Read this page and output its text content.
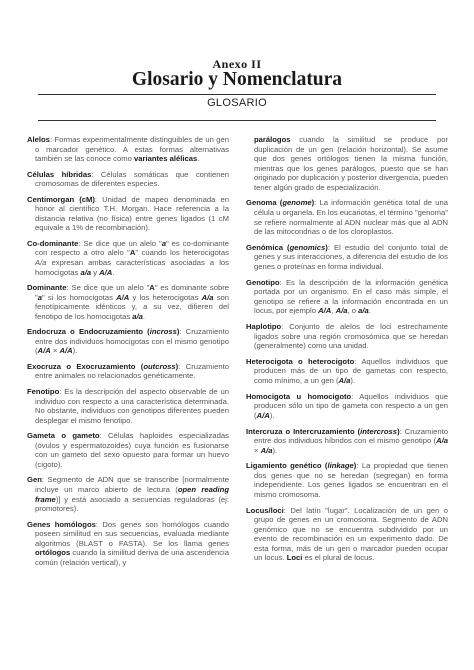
Anexo II
Glosario y Nomenclatura
GLOSARIO

Alelos: Formas experimentalmente distinguibles de un gen o marcador genético. A estas formas alternativas también se las conoce como variantes alélicas.

Células híbridas: Células somáticas que contienen cromosomas de diferentes especies.

Centimorgan (cM): Unidad de mapeo denominada en honor al científico T.H. Morgan. Hace referencia a la distancia relativa (no física) entre genes ligados (1 cM equivale a 1% de recombinación).

Co-dominante: Se dice que un alelo "a" es co-dominante con respecto a otro alelo "A" cuando los heterocigotas A/a expresan ambas características asociadas a los homocigotas a/a y A/A.

Dominante: Se dice que un alelo "A" es dominante sobre "a" si los homocigotas A/A y los heterocigotas A/a son fenotípicamente idénticos y, a su vez, difieren del fenotipo de los homocigotas a/a.

Endocruza o Endocruzamiento (incross): Cruzamiento entre dos individuos homocigotas con el mismo genotipo (A/A × A/A).

Exocruza o Exocruzamiento (outcross): Cruzamiento entre animales no relacionados genéticamente.

Fenotipo: Es la descripción del aspecto observable de un individuo con respecto a una característica determinada. No obstante, individuos con genotipos diferentes pueden desplegar el mismo fenotipo.

Gameta o gameto: Células haploides especializadas (óvulos y espermatozoides) cuya función es fusionarse con un gameto del sexo opuesto para formar un huevo (cigoto).

Gen: Segmento de ADN que se transcribe [normalmente incluye un marco abierto de lectura (open reading frame)] y está asociado a secuencias reguladoras (ej: promotores).

Genes homólogos: Dos genes son homólogos cuando poseen similitud en sus secuencias, evaluada mediante algoritmos (BLAST o FASTA). Se los llama genes ortólogos cuando la similitud deriva de una ascendencia común (relación vertical), y

parálogos cuando la similitud se produce por duplicación de un gen (relación horizontal). Se asume que dos genes ortólogos tienen la misma función, mientras que los genes parálogos, puesto que se han originado por duplicación y posterior divergencia, pueden tener algún grado de especialización.

Genoma (genome): La información genética total de una célula u organela. En los eucariotas, el término "genoma" se refiere normalmente al ADN nuclear más que al ADN de las mitocondrias o de los cloroplastos.

Genómica (genomics): El estudio del conjunto total de genes y sus interacciones, a diferencia del estudio de los genes o proteínas en forma individual.

Genotipo: Es la descripción de la información genética portada por un organismo. En el caso más simple, el genotipo se refiere a la información encontrada en un locus, por ejemplo A/A, A/a, o a/a.

Haplotipo: Conjunto de alelos de loci estrechamente ligados sobre una región cromosómica que se heredan (generalmente) como una unidad.

Heterocigota o heterocigoto: Aquellos individuos que producen más de un tipo de gametas con respecto, como mínimo, a un gen (A/a).

Homocigota u homocigoto: Aquellos individuos que producen sólo un tipo de gameta con respecto a un gen (A/A).

Intercruza o Intercruzamiento (intercross): Cruzamiento entre dos individuos híbridos con el mismo genotipo (A/a × A/a).

Ligamiento genético (linkage): La propiedad que tienen dos genes que no se heredan (segregan) en forma independiente. Los genes ligados se encuentran en el mismo cromosoma.

Locus/loci: Del latín "lugar". Localización de un gen o grupo de genes en un cromosoma. Segmento de ADN genómico que no se encuentra subdividido por un evento de recombinación en un experimento dado. De esta forma, más de un gen o marcador pueden ocupar un locus. Loci es el plural de locus.
